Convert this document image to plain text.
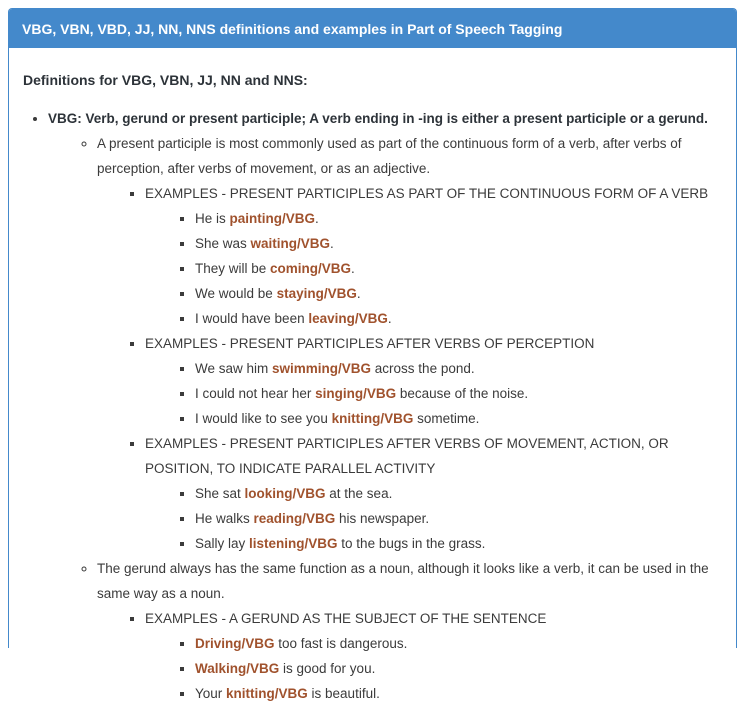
VBG, VBN, VBD, JJ, NN, NNS definitions and examples in Part of Speech Tagging

Definitions for VBG, VBN, JJ, NN and NNS:

• VBG: Verb, gerund or present participle; A verb ending in -ing is either a present participle or a gerund.
◦ A present participle is most commonly used as part of the continuous form of a verb, after verbs of perception, after verbs of movement, or as an adjective.
▪ EXAMPLES - PRESENT PARTICIPLES AS PART OF THE CONTINUOUS FORM OF A VERB
▪ He is painting/VBG.
▪ She was waiting/VBG.
▪ They will be coming/VBG.
▪ We would be staying/VBG.
▪ I would have been leaving/VBG.
▪ EXAMPLES - PRESENT PARTICIPLES AFTER VERBS OF PERCEPTION
▪ We saw him swimming/VBG across the pond.
▪ I could not hear her singing/VBG because of the noise.
▪ I would like to see you knitting/VBG sometime.
▪ EXAMPLES - PRESENT PARTICIPLES AFTER VERBS OF MOVEMENT, ACTION, OR POSITION, TO INDICATE PARALLEL ACTIVITY
▪ She sat looking/VBG at the sea.
▪ He walks reading/VBG his newspaper.
▪ Sally lay listening/VBG to the bugs in the grass.
◦ The gerund always has the same function as a noun, although it looks like a verb, it can be used in the same way as a noun.
▪ EXAMPLES - A GERUND AS THE SUBJECT OF THE SENTENCE
▪ Driving/VBG too fast is dangerous.
▪ Walking/VBG is good for you.
▪ Your knitting/VBG is beautiful.
